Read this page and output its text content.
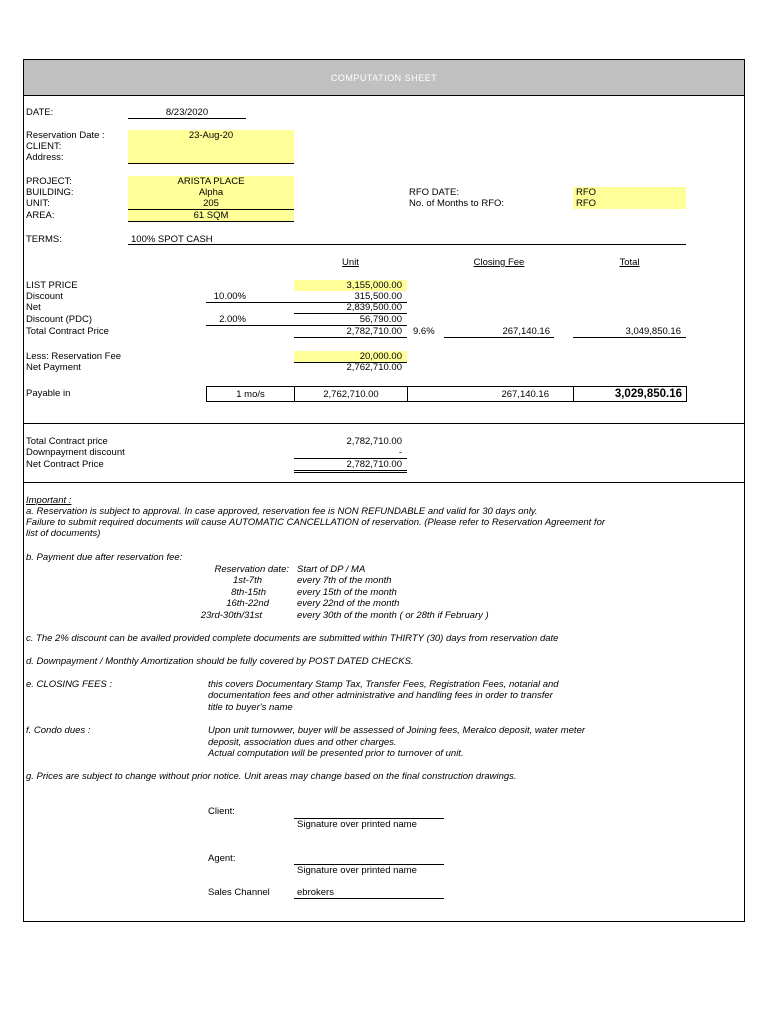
COMPUTATION SHEET
DATE:	8/23/2020
Reservation Date :	23-Aug-20
CLIENT:
Address:
PROJECT:	ARISTA PLACE
BUILDING:	Alpha
UNIT:	205
AREA:	61 SQM
RFO DATE:	RFO
No. of Months to RFO:	RFO
TERMS:	100% SPOT CASH
Unit	Closing Fee	Total
LIST PRICE	3,155,000.00
Discount	10.00%	315,500.00
Net	2,839,500.00
Discount (PDC)	2.00%	56,790.00
Total Contract Price	2,782,710.00 9.6%	267,140.16	3,049,850.16
Less: Reservation Fee	20,000.00
Net Payment	2,762,710.00
Payable in	1 mo/s	2,762,710.00	267,140.16	3,029,850.16
Total Contract price	2,782,710.00
Downpayment discount	-
Net Contract Price	2,782,710.00
Important :
a. Reservation is subject to approval. In case approved, reservation fee is NON REFUNDABLE and valid for 30 days only.
Failure to submit required documents will cause AUTOMATIC CANCELLATION of reservation. (Please refer to Reservation Agreement for
list of documents)
b. Payment due after reservation fee:
Reservation date: Start of DP / MA
1st-7th	every 7th of the month
8th-15th	every 15th of the month
16th-22nd	every 22nd of the month
23rd-30th/31st	every 30th of the month ( or 28th if February )
c. The 2% discount can be availed provided complete documents are submitted within THIRTY (30) days from reservation date
d. Downpayment / Monthly Amortization should be fully covered by POST DATED CHECKS.
e. CLOSING FEES :	this covers Documentary Stamp Tax, Transfer Fees, Registration Fees, notarial and
documentation fees and other administrative and handling fees in order to transfer
title to buyer's name
f. Condo dues :	Upon unit turnovwer, buyer will be assessed of Joining fees, Meralco deposit, water meter
deposit, association dues and other charges.
Actual computation will be presented prior to turnover of unit.
g. Prices are subject to change without prior notice. Unit areas may change based on the final construction drawings.
Client:
Signature over printed name
Agent:
Signature over printed name
Sales Channel	ebrokers
